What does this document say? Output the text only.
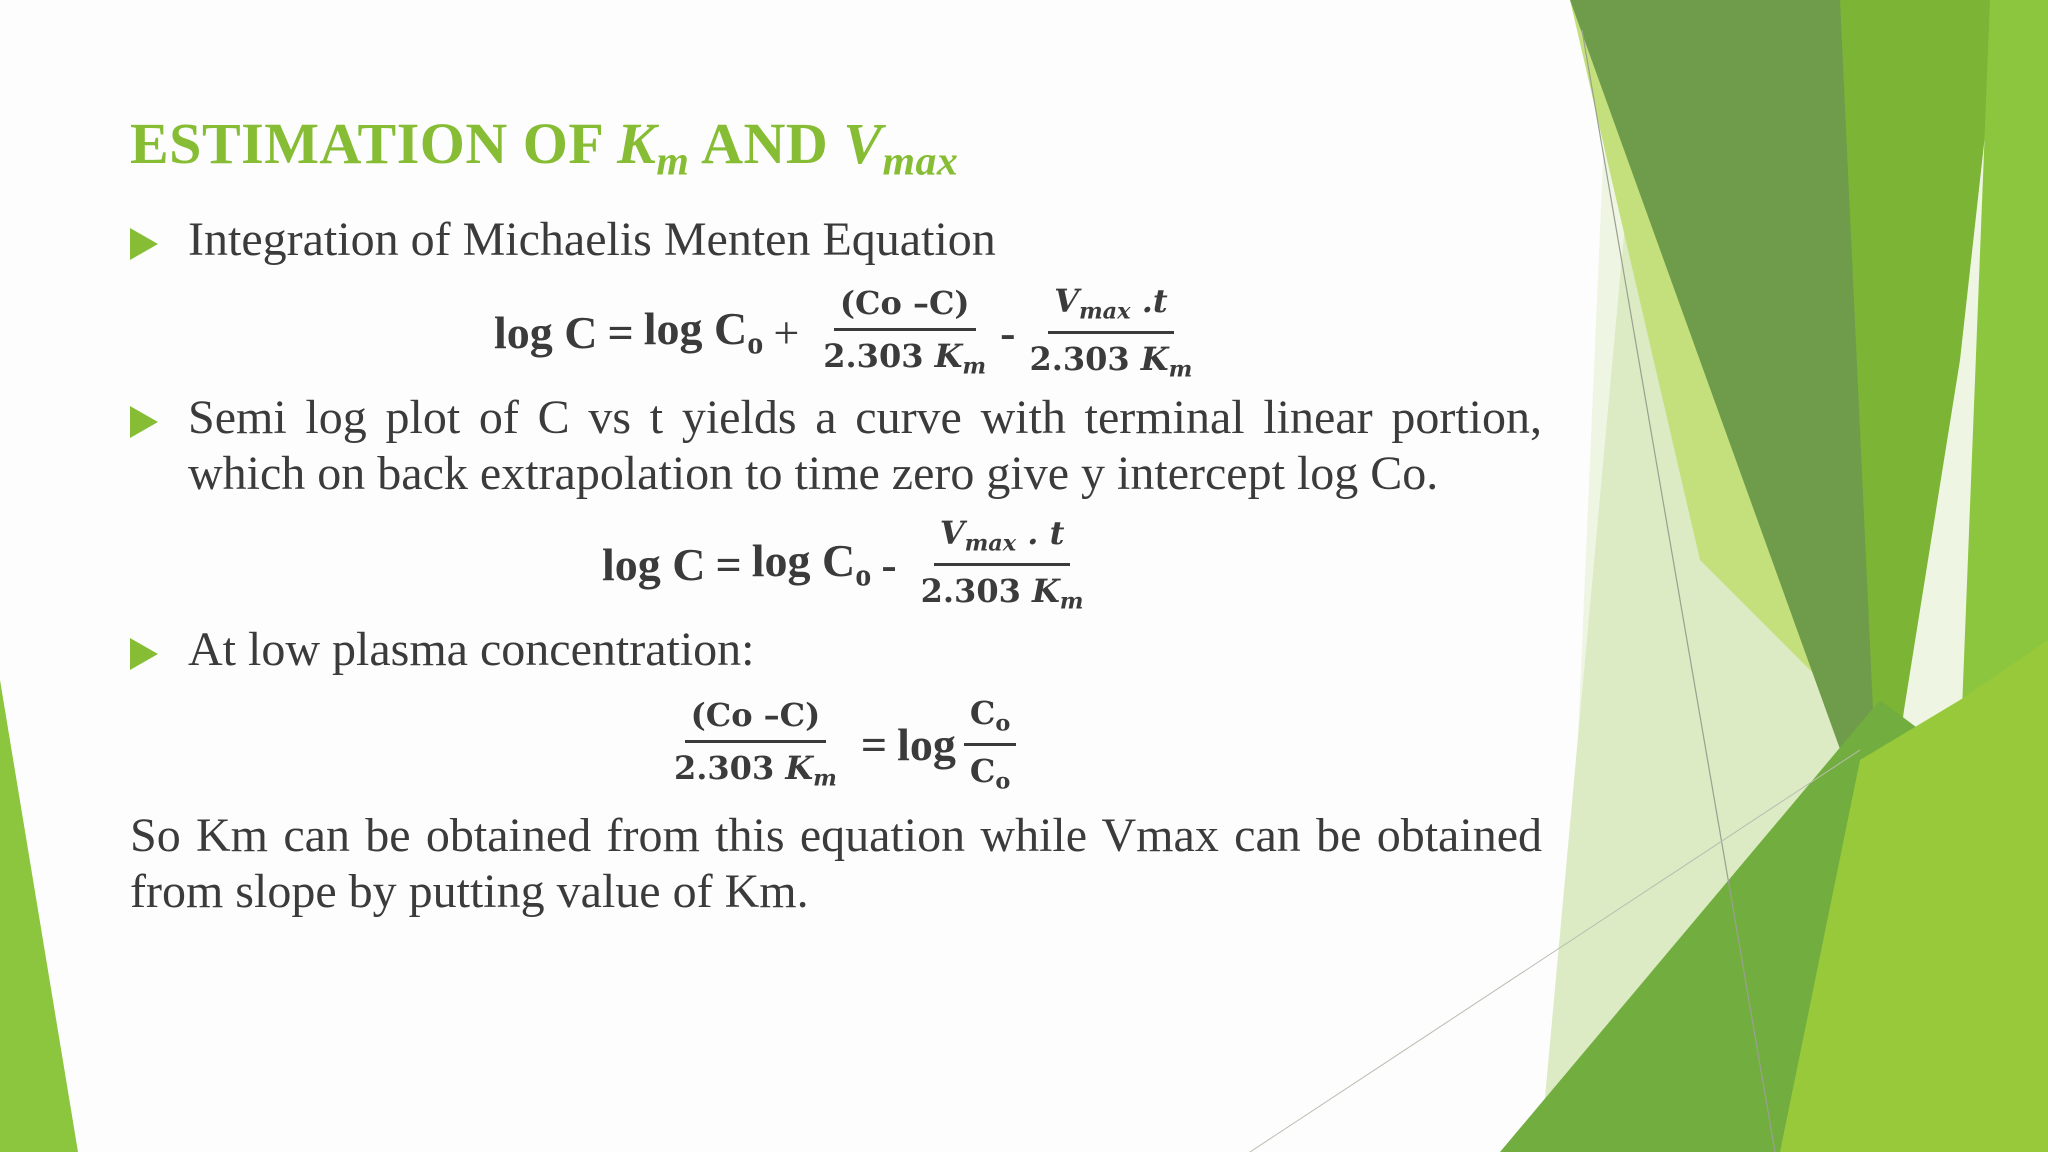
ESTIMATION OF $K_m$ AND $V_{max}$
Integration of Michaelis Menten Equation
$\log C = \log C_o + \frac{(Co -C)}{2.303 K_m} - \frac{V_{max} .t}{2.303 K_m}$
Semi log plot of C vs t yields a curve with terminal linear portion, which on back extrapolation to time zero give y intercept log Co.
$\log C = \log C_o - \frac{V_{max} . t}{2.303 K_m}$
At low plasma concentration:
$\frac{(Co -C)}{2.303 K_m} = \log \frac{C_o}{C_o}$
So Km can be obtained from this equation while Vmax can be obtained from slope by putting value of Km.
